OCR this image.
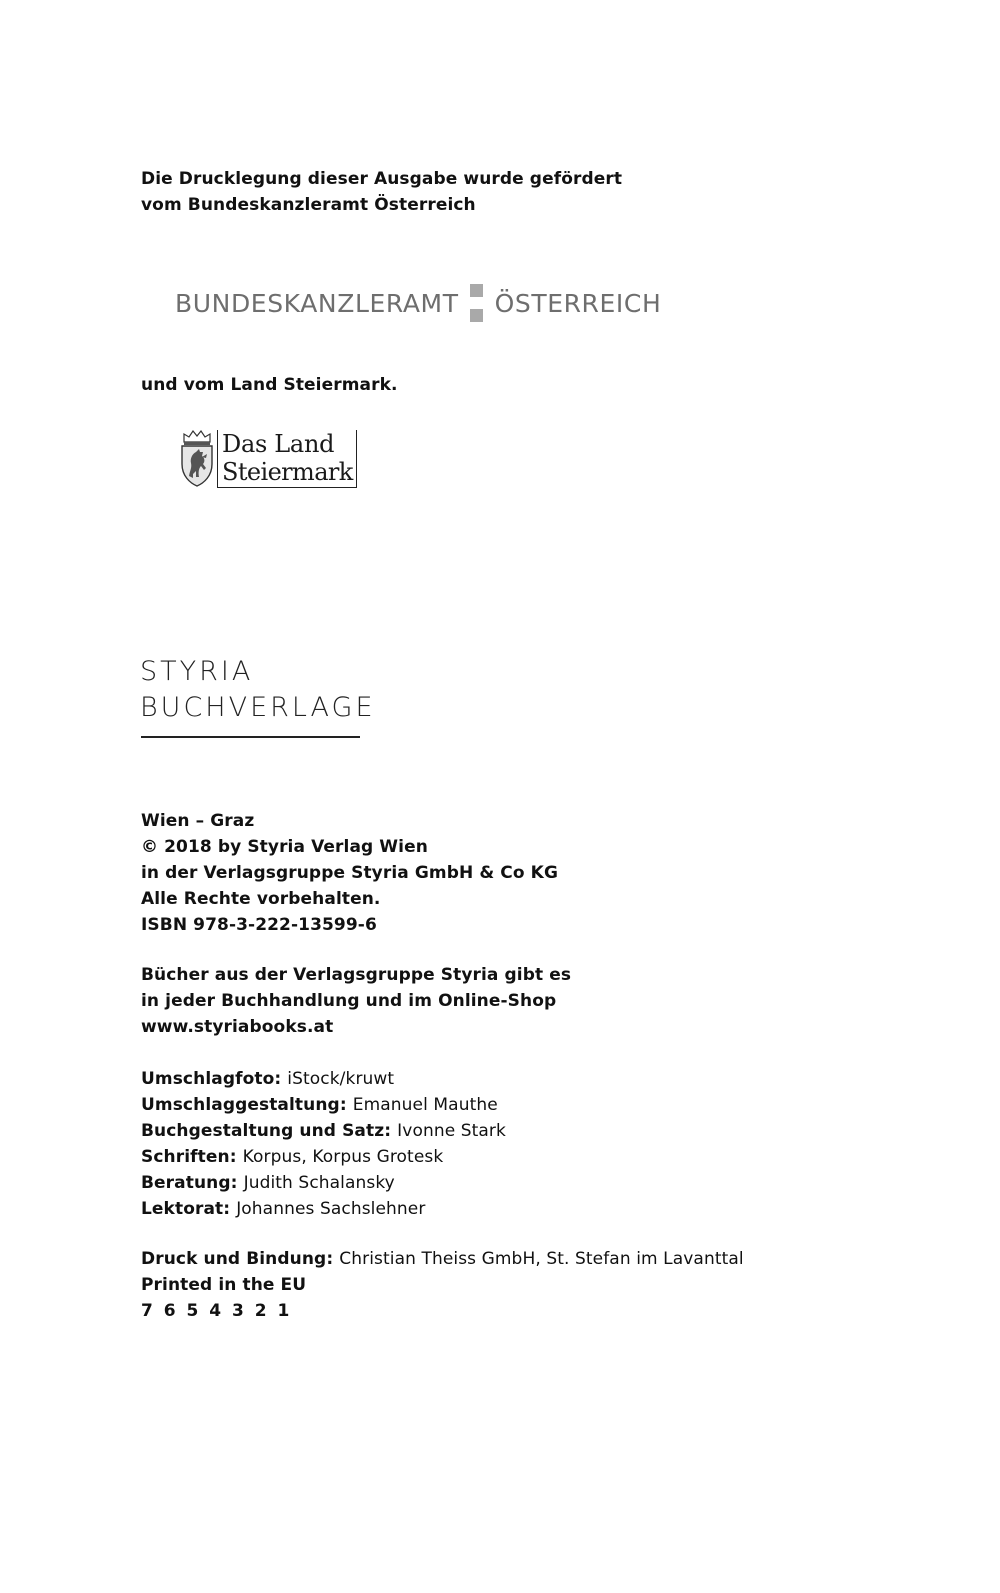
Die Drucklegung dieser Ausgabe wurde gefördert
vom Bundeskanzleramt Österreich
BUNDESKANZLERAMT ÖSTERREICH
und vom Land Steiermark.
Das Land
Steiermark
STYRIA
BUCHVERLAGE
Wien – Graz
© 2018 by Styria Verlag Wien
in der Verlagsgruppe Styria GmbH & Co KG
Alle Rechte vorbehalten.
ISBN 978-3-222-13599-6
Bücher aus der Verlagsgruppe Styria gibt es
in jeder Buchhandlung und im Online-Shop
www.styriabooks.at
Umschlagfoto: iStock/kruwt
Umschlaggestaltung: Emanuel Mauthe
Buchgestaltung und Satz: Ivonne Stark
Schriften: Korpus, Korpus Grotesk
Beratung: Judith Schalansky
Lektorat: Johannes Sachslehner
Druck und Bindung: Christian Theiss GmbH, St. Stefan im Lavanttal
Printed in the EU
7 6 5 4 3 2 1
